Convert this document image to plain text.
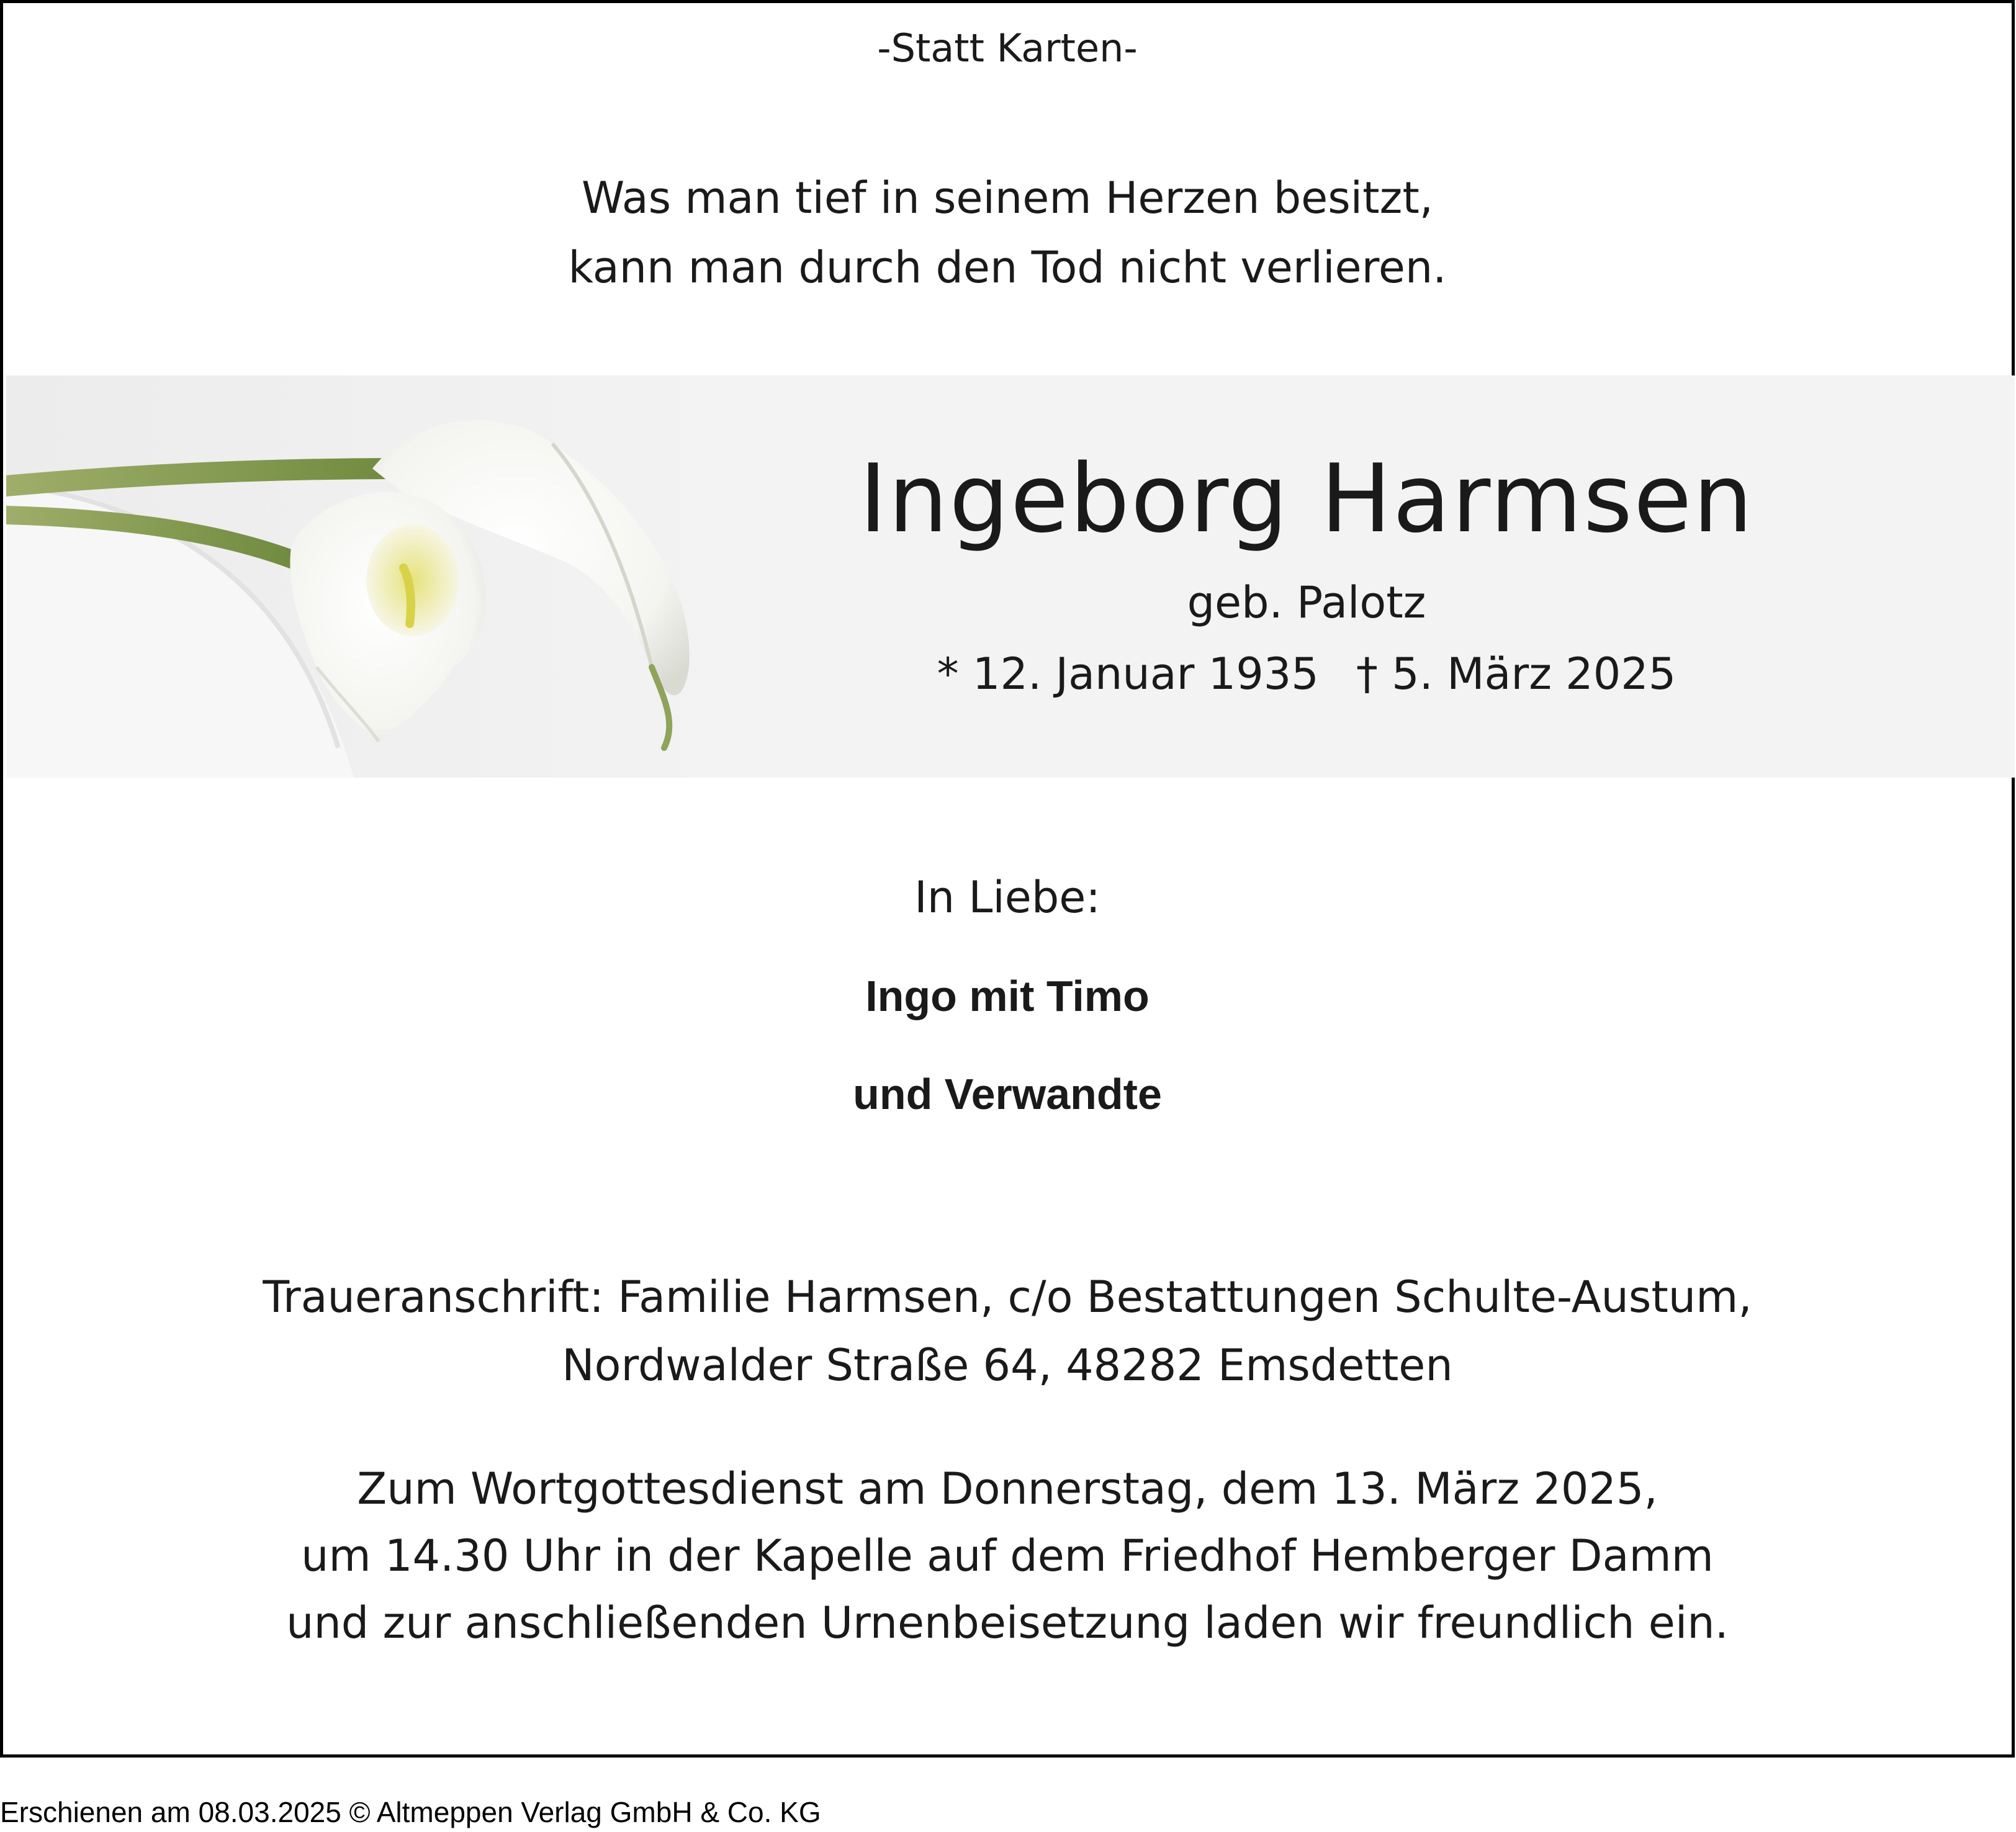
-Statt Karten-
Was man tief in seinem Herzen besitzt,
kann man durch den Tod nicht verlieren.
Ingeborg Harmsen
geb. Palotz
* 12. Januar 1935 † 5. März 2025
In Liebe:
Ingo mit Timo
und Verwandte
Traueranschrift: Familie Harmsen, c/o Bestattungen Schulte-Austum,
Nordwalder Straße 64, 48282 Emsdetten
Zum Wortgottesdienst am Donnerstag, dem 13. März 2025,
um 14.30 Uhr in der Kapelle auf dem Friedhof Hemberger Damm
und zur anschließenden Urnenbeisetzung laden wir freundlich ein.
Erschienen am 08.03.2025 © Altmeppen Verlag GmbH & Co. KG
